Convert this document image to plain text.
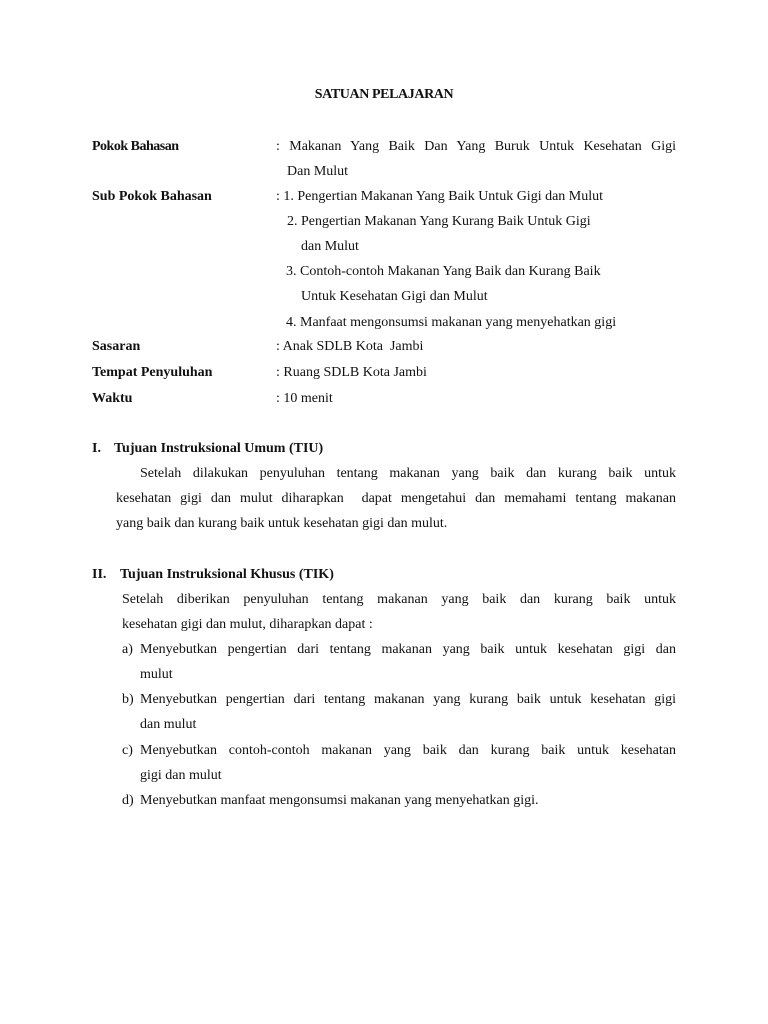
SATUAN PELAJARAN
Pokok Bahasan	: Makanan Yang Baik Dan Yang Buruk Untuk Kesehatan Gigi
Dan Mulut
Sub Pokok Bahasan	: 1. Pengertian Makanan Yang Baik Untuk Gigi dan Mulut
2. Pengertian Makanan Yang Kurang Baik Untuk Gigi
dan Mulut
3. Contoh-contoh Makanan Yang Baik dan Kurang Baik
Untuk Kesehatan Gigi dan Mulut
4. Manfaat mengonsumsi makanan yang menyehatkan gigi
Sasaran	: Anak SDLB Kota  Jambi
Tempat Penyuluhan	: Ruang SDLB Kota Jambi
Waktu	: 10 menit
I. Tujuan Instruksional Umum (TIU)
Setelah dilakukan penyuluhan tentang makanan yang baik dan kurang baik untuk
kesehatan gigi dan mulut diharapkan  dapat mengetahui dan memahami tentang makanan
yang baik dan kurang baik untuk kesehatan gigi dan mulut.
II. Tujuan Instruksional Khusus (TIK)
Setelah diberikan penyuluhan tentang makanan yang baik dan kurang baik untuk
kesehatan gigi dan mulut, diharapkan dapat :
a) Menyebutkan pengertian dari tentang makanan yang baik untuk kesehatan gigi dan
mulut
b) Menyebutkan pengertian dari tentang makanan yang kurang baik untuk kesehatan gigi
dan mulut
c) Menyebutkan contoh-contoh makanan yang baik dan kurang baik untuk kesehatan
gigi dan mulut
d) Menyebutkan manfaat mengonsumsi makanan yang menyehatkan gigi.
